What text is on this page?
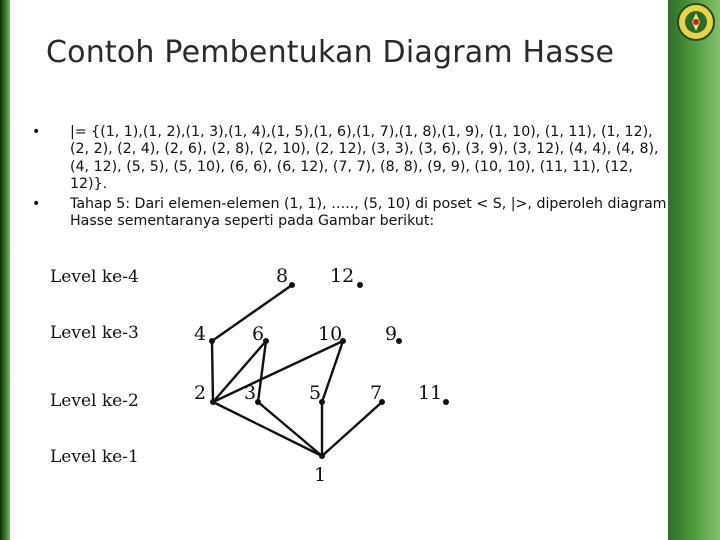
Contoh Pembentukan Diagram Hasse
• |= {(1, 1),(1, 2),(1, 3),(1, 4),(1, 5),(1, 6),(1, 7),(1, 8),(1, 9), (1, 10), (1, 11), (1, 12), (2, 2), (2, 4), (2, 6), (2, 8), (2, 10), (2, 12), (3, 3), (3, 6), (3, 9), (3, 12), (4, 4), (4, 8), (4, 12), (5, 5), (5, 10), (6, 6), (6, 12), (7, 7), (8, 8), (9, 9), (10, 10), (11, 11), (12, 12)}.
• Tahap 5: Dari elemen-elemen (1, 1), ….., (5, 10) di poset < S, |>, diperoleh diagram Hasse sementaranya seperti pada Gambar berikut:
Level ke-4
Level ke-3
Level ke-2
Level ke-1
8 12
4 6	10 9
2 3	5	7 11
1
